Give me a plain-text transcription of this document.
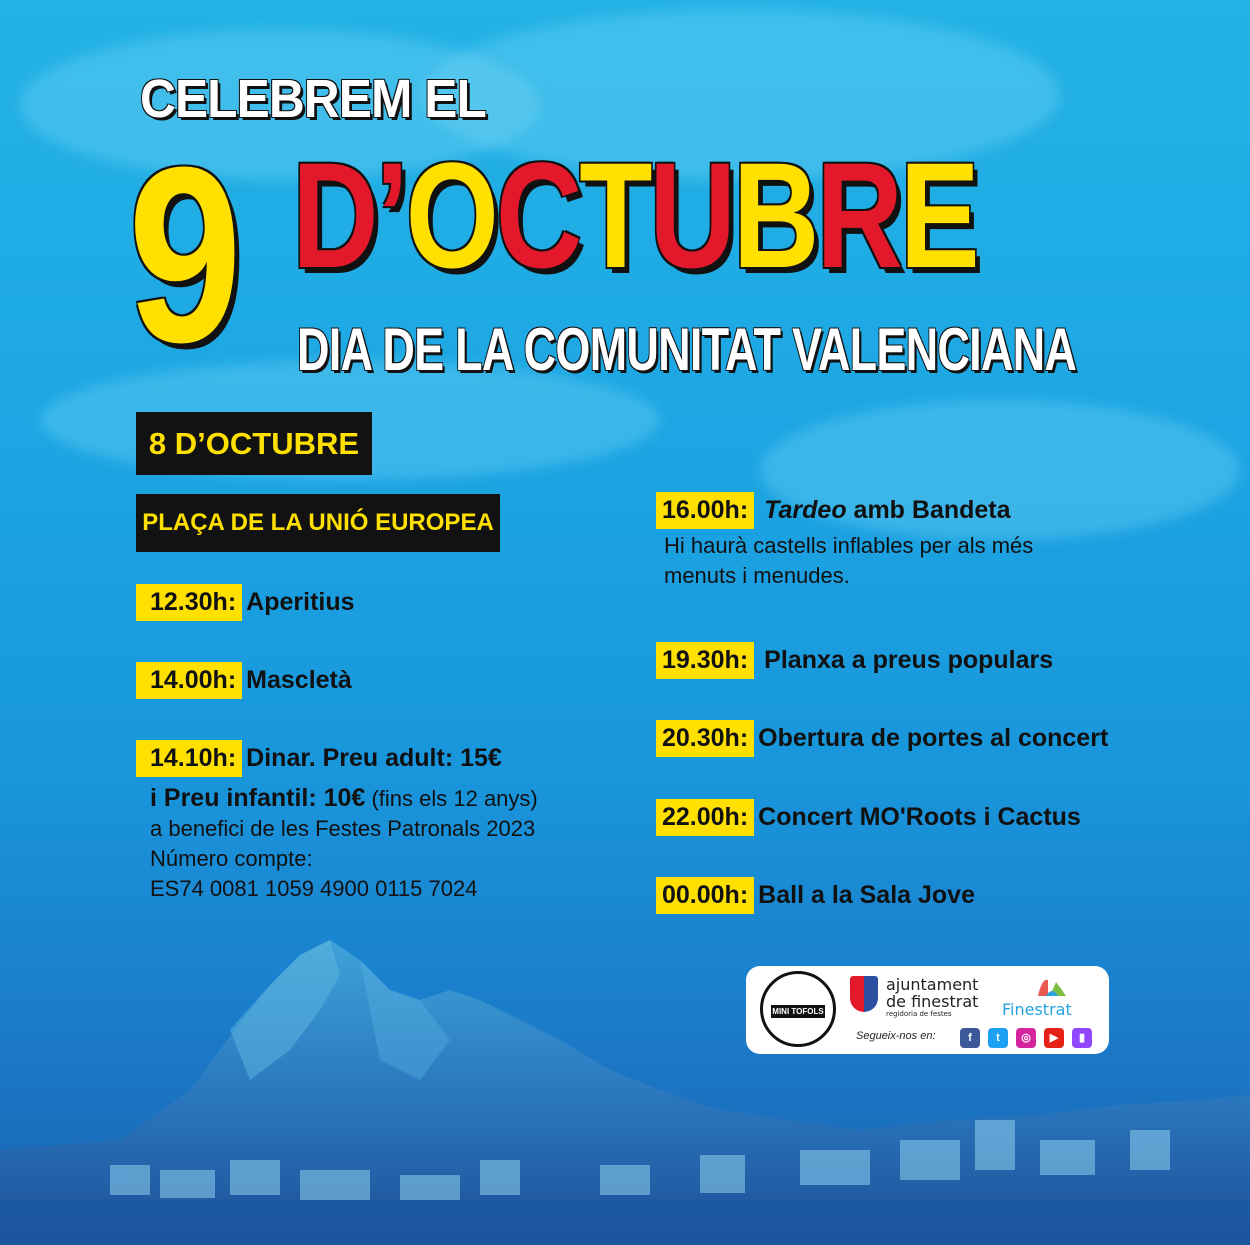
CELEBREM EL
9 D’OCTUBRE
DIA DE LA COMUNITAT VALENCIANA
8 D’OCTUBRE
PLAÇA DE LA UNIÓ EUROPEA
12.30h: Aperitius
14.00h: Mascletà
14.10h: Dinar. Preu adult: 15€
i Preu infantil: 10€ (fins els 12 anys)
a benefici de les Festes Patronals 2023
Número compte:
ES74 0081 1059 4900 0115 7024
16.00h: Tardeo amb Bandeta
Hi haurà castells inflables per als més
menuts i menudes.
19.30h: Planxa a preus populars
20.30h: Obertura de portes al concert
22.00h: Concert MO'Roots i Cactus
00.00h: Ball a la Sala Jove
MINI TOFOLS
ajuntament
de finestrat
regidoria de festes	Finestrat
Segueix-nos en:	f	t	◎	▶	▮
